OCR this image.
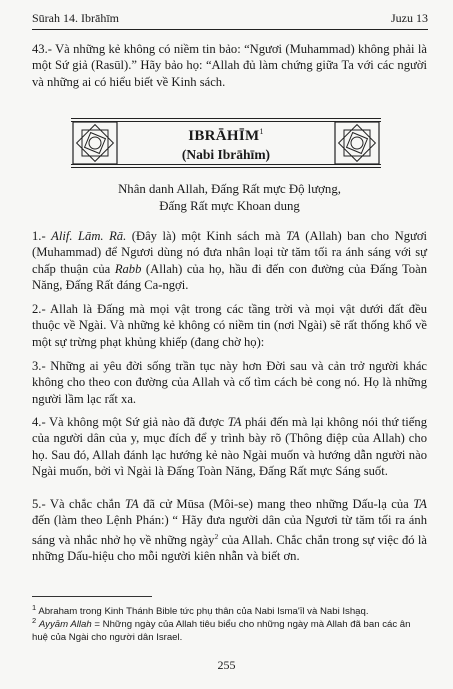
Sūrah 14. Ibrāhīm	Juzu 13
43.- Và những kẻ không có niềm tin bảo: “Ngươi (Muhammad) không phải là một Sứ giả (Rasūl).” Hãy bảo họ: “Allah đủ làm chứng giữa Ta với các người và những ai có hiểu biết về Kinh sách.
IBRĀHĪM$^1$
(Nabi Ibrāhīm)
Nhân danh Allah, Đấng Rất mực Độ lượng,
Đấng Rất mực Khoan dung
1.- Alif. Lām. Rā. (Đây là) một Kinh sách mà TA (Allah) ban cho Ngươi (Muhammad) để Ngươi dùng nó đưa nhân loại từ tăm tối ra ánh sáng với sự chấp thuận của Rabb (Allah) của họ, hầu đi đến con đường của Đấng Toàn Năng, Đấng Rất đáng Ca-ngợi.
2.- Allah là Đấng mà mọi vật trong các tầng trời và mọi vật dưới đất đều thuộc về Ngài. Và những kẻ không có niềm tin (nơi Ngài) sẽ rất thống khổ về một sự trừng phạt khủng khiếp (đang chờ họ):
3.- Những ai yêu đời sống trần tục này hơn Đời sau và cản trở người khác không cho theo con đường của Allah và cố tìm cách bẻ cong nó. Họ là những người lầm lạc rất xa.
4.- Và không một Sứ giả nào đã được TA phái đến mà lại không nói thứ tiếng của người dân của y, mục đích để y trình bày rõ (Thông điệp của Allah) cho họ. Sau đó, Allah đánh lạc hướng kẻ nào Ngài muốn và hướng dẫn người nào Ngài muốn, bởi vì Ngài là Đấng Toàn Năng, Đấng Rất mực Sáng suốt.
5.- Và chắc chắn TA đã cử Mūsa (Môi-se) mang theo những Dấu-lạ của TA đến (làm theo Lệnh Phán:) “ Hãy đưa người dân của Ngươi từ tăm tối ra ánh sáng và nhắc nhở họ về những ngày$^2$ của Allah. Chắc chắn trong sự việc đó là những Dấu-hiệu cho mỗi người kiên nhẫn và biết ơn.
$^1$ Abraham trong Kinh Thánh Bible tức phụ thân của Nabi Isma'īl và Nabi Isha̱q.
$^2$ Ayyām Allah = Những ngày của Allah tiêu biểu cho những ngày mà Allah đã ban các ân huệ của Ngài cho người dân Israel.
255
